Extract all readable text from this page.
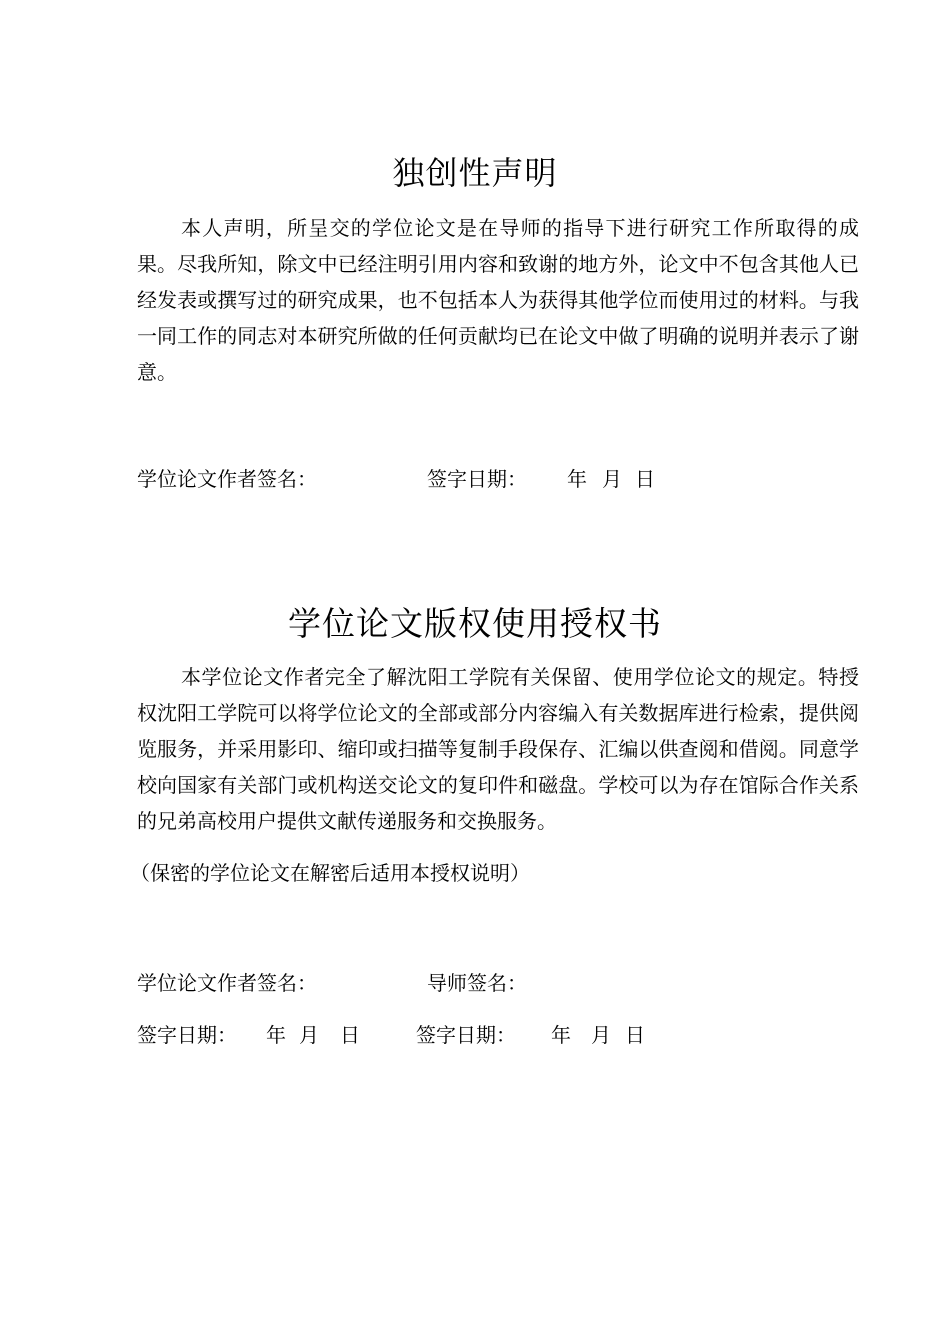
独创性声明

本人声明，所呈交的学位论文是在导师的指导下进行研究工作所取得的成果。尽我所知，除文中已经注明引用内容和致谢的地方外，论文中不包含其他人已经发表或撰写过的研究成果，也不包括本人为获得其他学位而使用过的材料。与我一同工作的同志对本研究所做的任何贡献均已在论文中做了明确的说明并表示了谢意。

学位论文作者签名：	签字日期： 年 月 日
学位论文版权使用授权书

本学位论文作者完全了解沈阳工学院有关保留、使用学位论文的规定。特授权沈阳工学院可以将学位论文的全部或部分内容编入有关数据库进行检索，提供阅览服务，并采用影印、缩印或扫描等复制手段保存、汇编以供查阅和借阅。同意学校向国家有关部门或机构送交论文的复印件和磁盘。学校可以为存在馆际合作关系的兄弟高校用户提供文献传递服务和交换服务。

（保密的学位论文在解密后适用本授权说明）

学位论文作者签名：	导师签名：
签字日期： 年 月 日	签字日期： 年 月 日
